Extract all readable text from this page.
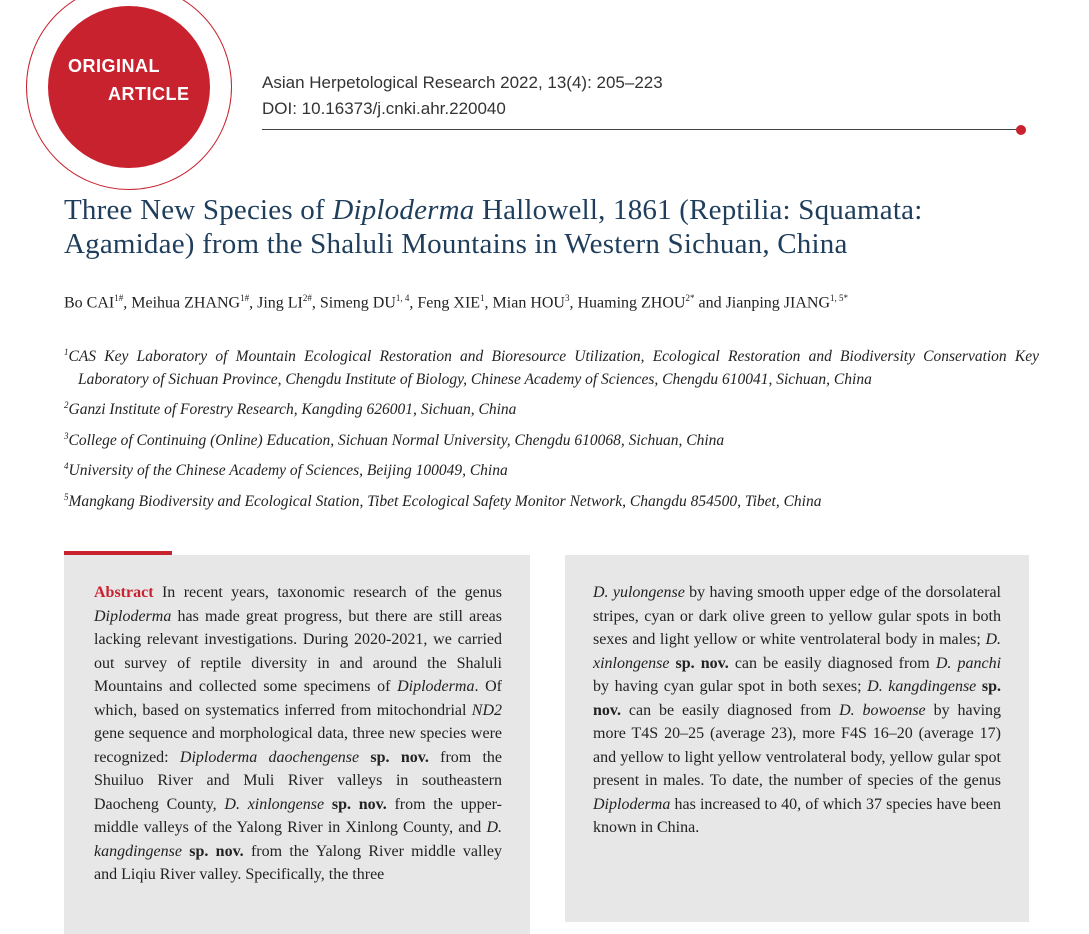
ORIGINAL
ARTICLE
Asian Herpetological Research 2022, 13(4): 205–223
DOI: 10.16373/j.cnki.ahr.220040
Three New Species of Diploderma Hallowell, 1861 (Reptilia: Squamata: Agamidae) from the Shaluli Mountains in Western Sichuan, China
Bo $CAI^{1\#}$, Meihua $ZHANG^{1\#}$, Jing $LI^{2\#}$, Simeng DU$^{1, 4}$, Feng XIE$^1$, Mian HOU$^3$, Huaming $ZHOU^{2*}$ and Jianping $JIANG^{1, 5*}$
$^1$CAS Key Laboratory of Mountain Ecological Restoration and Bioresource Utilization, Ecological Restoration and Biodiversity Conservation Key Laboratory of Sichuan Province, Chengdu Institute of Biology, Chinese Academy of Sciences, Chengdu 610041, Sichuan, China
$^2$Ganzi Institute of Forestry Research, Kangding 626001, Sichuan, China
$^3$College of Continuing (Online) Education, Sichuan Normal University, Chengdu 610068, Sichuan, China
$^4$University of the Chinese Academy of Sciences, Beijing 100049, China
$^5$Mangkang Biodiversity and Ecological Station, Tibet Ecological Safety Monitor Network, Changdu 854500, Tibet, China
Abstract In recent years, taxonomic research of the genus Diploderma has made great progress, but there are still areas lacking relevant investigations. During 2020-2021, we carried out survey of reptile diversity in and around the Shaluli Mountains and collected some specimens of Diploderma. Of which, based on systematics inferred from mitochondrial ND2 gene sequence and morphological data, three new species were recognized: Diploderma daochengense sp. nov. from the Shuiluo River and Muli River valleys in southeastern Daocheng County, D. xinlongense sp. nov. from the upper-middle valleys of the Yalong River in Xinlong County, and D. kangdingense sp. nov. from the Yalong River middle valley and Liqiu River valley. Specifically, the three
D. yulongense by having smooth upper edge of the dorsolateral stripes, cyan or dark olive green to yellow gular spots in both sexes and light yellow or white ventrolateral body in males; D. xinlongense sp. nov. can be easily diagnosed from D. panchi by having cyan gular spot in both sexes; D. kangdingense sp. nov. can be easily diagnosed from D. bowoense by having more T4S 20–25 (average 23), more F4S 16–20 (average 17) and yellow to light yellow ventrolateral body, yellow gular spot present in males. To date, the number of species of the genus Diploderma has increased to 40, of which 37 species have been known in China.
